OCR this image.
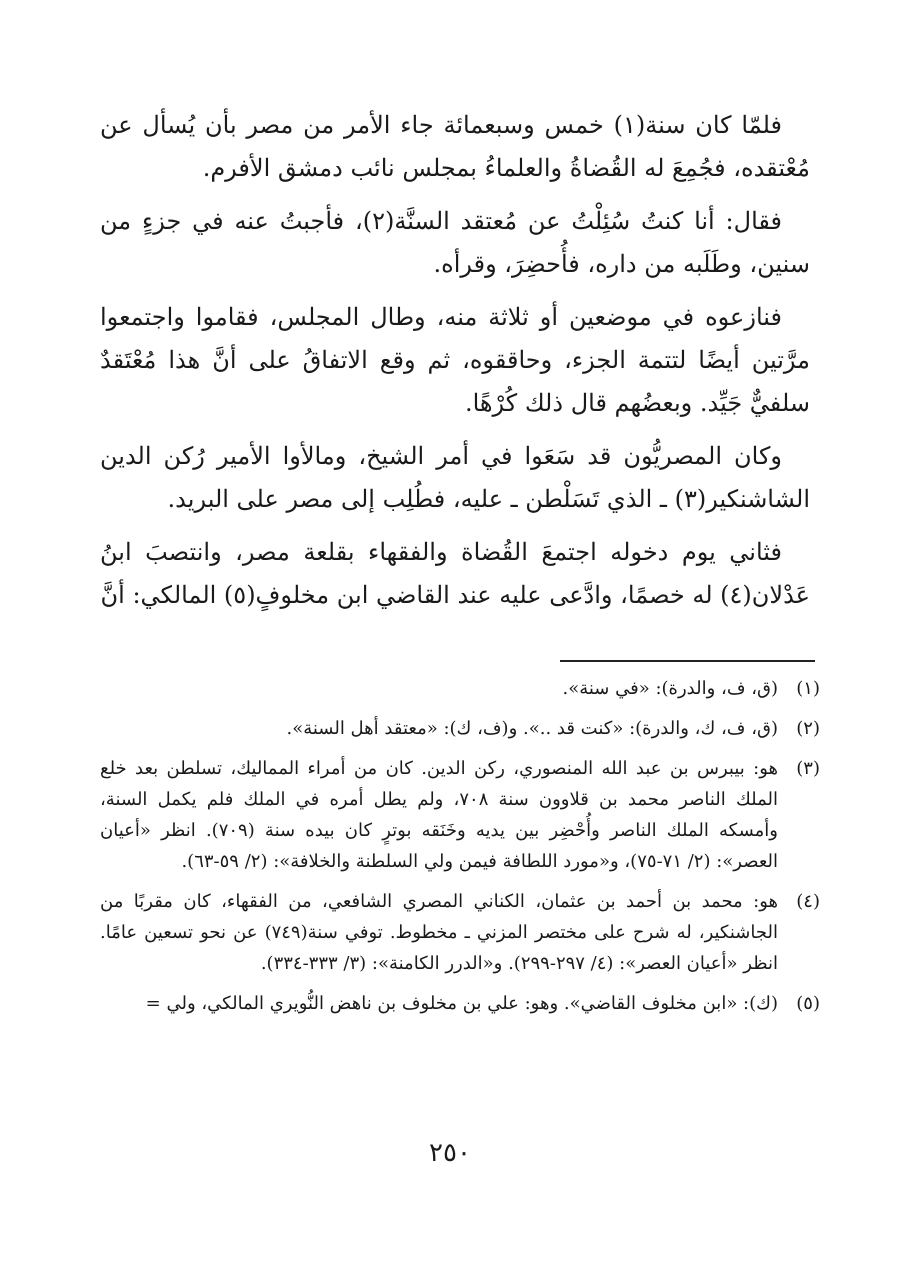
فلمّا كان سنة(١) خمس وسبعمائة جاء الأمر من مصر بأن يُسأل عن مُعْتقده، فجُمِعَ له القُضاةُ والعلماءُ بمجلس نائب دمشق الأفرم.

فقال: أنا كنتُ سُئِلْتُ عن مُعتقد السنَّة(٢)، فأجبتُ عنه في جزءٍ من سنين، وطَلَبه من داره، فأُحضِرَ، وقرأه.

فنازعوه في موضعين أو ثلاثة منه، وطال المجلس، فقاموا واجتمعوا مرَّتين أيضًا لتتمة الجزء، وحاققوه، ثم وقع الاتفاقُ على أنَّ هذا مُعْتَقدٌ سلفيٌّ جَيِّد. وبعضُهم قال ذلك كُرْهًا.

وكان المصريُّون قد سَعَوا في أمر الشيخ، ومالأوا الأمير رُكن الدين الشاشنكير(٣) ـ الذي تَسَلْطن ـ عليه، فطُلِب إلى مصر على البريد.

فثاني يوم دخوله اجتمعَ القُضاة والفقهاء بقلعة مصر، وانتصبَ ابنُ عَدْلان(٤) له خصمًا، وادَّعى عليه عند القاضي ابن مخلوفٍ(٥) المالكي: أنَّ

(١)
(ق، ف، والدرة): «في سنة».
(٢)
(ق، ف، ك، والدرة): «كنت قد ..». و(ف، ك): «معتقد أهل السنة».
(٣)
هو: بيبرس بن عبد الله المنصوري، ركن الدين. كان من أمراء المماليك، تسلطن بعد خلع الملك الناصر محمد بن قلاوون سنة ٧٠٨، ولم يطل أمره في الملك فلم يكمل السنة، وأمسكه الملك الناصر وأُحْضِر بين يديه وخَنَقه بوترٍ كان بيده سنة (٧٠٩). انظر «أعيان العصر»: (٢/ ٧١-٧٥)، و«مورد اللطافة فيمن ولي السلطنة والخلافة»: (٢/ ٥٩-٦٣).
(٤)
هو: محمد بن أحمد بن عثمان، الكناني المصري الشافعي، من الفقهاء، كان مقربًا من الجاشنكير، له شرح على مختصر المزني ـ مخطوط. توفي سنة(٧٤٩) عن نحو تسعين عامًا. انظر «أعيان العصر»: (٤/ ٢٩٧-٢٩٩). و«الدرر الكامنة»: (٣/ ٣٣٣-٣٣٤).
(٥)
(ك): «ابن مخلوف القاضي». وهو: علي بن مخلوف بن ناهض النُّويري المالكي، ولي =
٢٥٠
